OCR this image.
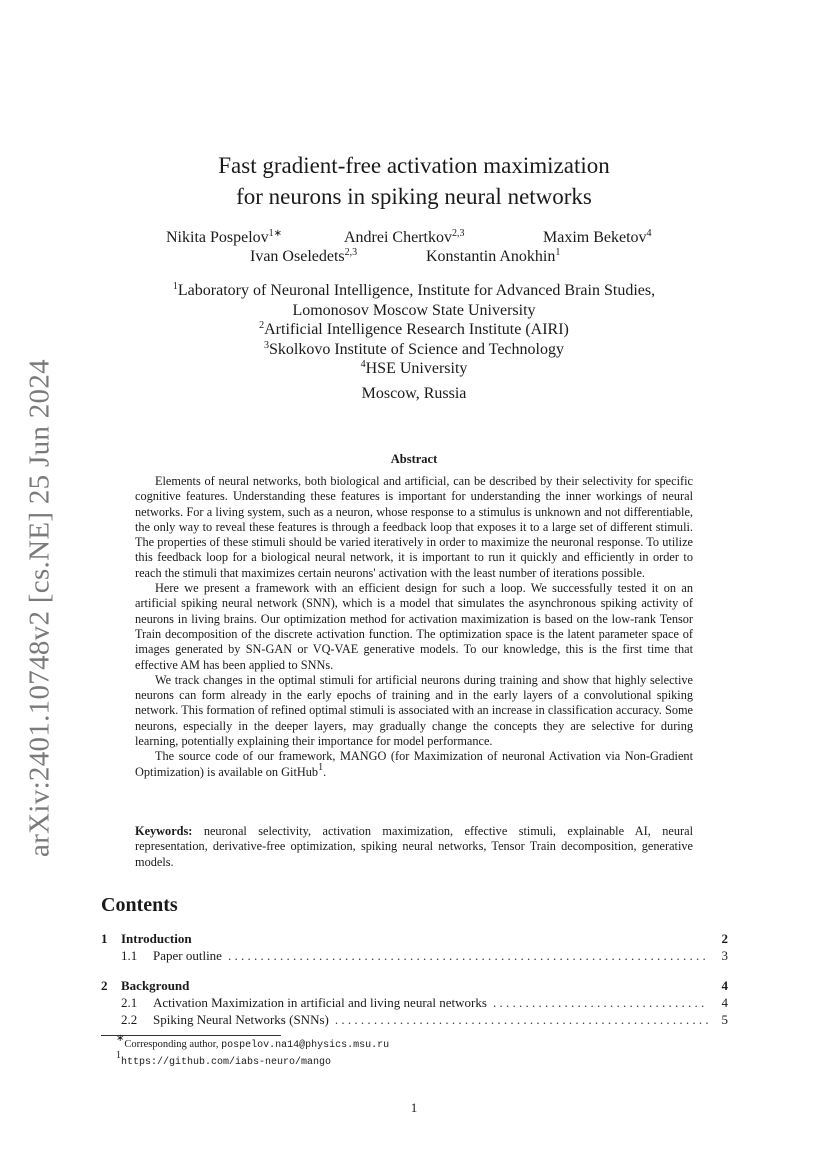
arXiv:2401.10748v2 [cs.NE] 25 Jun 2024
Fast gradient-free activation maximization
for neurons in spiking neural networks
Nikita Pospelov$^{1∗}$	Andrei Chertkov$^{2,3}$	Maxim Beketov$^4$
Ivan Oseledets$^{2,3}$	Konstantin Anokhin$^1$
$^1$Laboratory of Neuronal Intelligence, Institute for Advanced Brain Studies,
Lomonosov Moscow State University
$^2$Artificial Intelligence Research Institute (AIRI)
$^3$Skolkovo Institute of Science and Technology
$^4$HSE University
Moscow, Russia
Abstract

Elements of neural networks, both biological and artificial, can be described by their selectivity for specific cognitive features. Understanding these features is important for understanding the inner workings of neural networks. For a living system, such as a neuron, whose response to a stimulus is unknown and not differentiable, the only way to reveal these features is through a feedback loop that exposes it to a large set of different stimuli. The properties of these stimuli should be varied iteratively in order to maximize the neuronal response. To utilize this feedback loop for a biological neural network, it is important to run it quickly and efficiently in order to reach the stimuli that maximizes certain neurons' activation with the least number of iterations possible.

Here we present a framework with an efficient design for such a loop. We successfully tested it on an artificial spiking neural network (SNN), which is a model that simulates the asynchronous spiking activity of neurons in living brains. Our optimization method for activation maximization is based on the low-rank Tensor Train decomposition of the discrete activation function. The optimization space is the latent parameter space of images generated by SN-GAN or VQ-VAE generative models. To our knowledge, this is the first time that effective AM has been applied to SNNs.

We track changes in the optimal stimuli for artificial neurons during training and show that highly selective neurons can form already in the early epochs of training and in the early layers of a convolutional spiking network. This formation of refined optimal stimuli is associated with an increase in classification accuracy. Some neurons, especially in the deeper layers, may gradually change the concepts they are selective for during learning, potentially explaining their importance for model performance.

The source code of our framework, MANGO (for Maximization of neuronal Activation via Non-Gradient Optimization) is available on GitHub$^1$.

Keywords: neuronal selectivity, activation maximization, effective stimuli, explainable AI, neural representation, derivative-free optimization, spiking neural networks, Tensor Train decomposition, generative models.
Contents
1	Introduction	2
1.1	Paper outline . . .	3
2	Background	4
2.1	Activation Maximization in artificial and living neural networks . . .	4
2.2	Spiking Neural Networks (SNNs) . . .	5
∗Corresponding author, pospelov.na14@physics.msu.ru
$^1$https://github.com/iabs-neuro/mango
1
